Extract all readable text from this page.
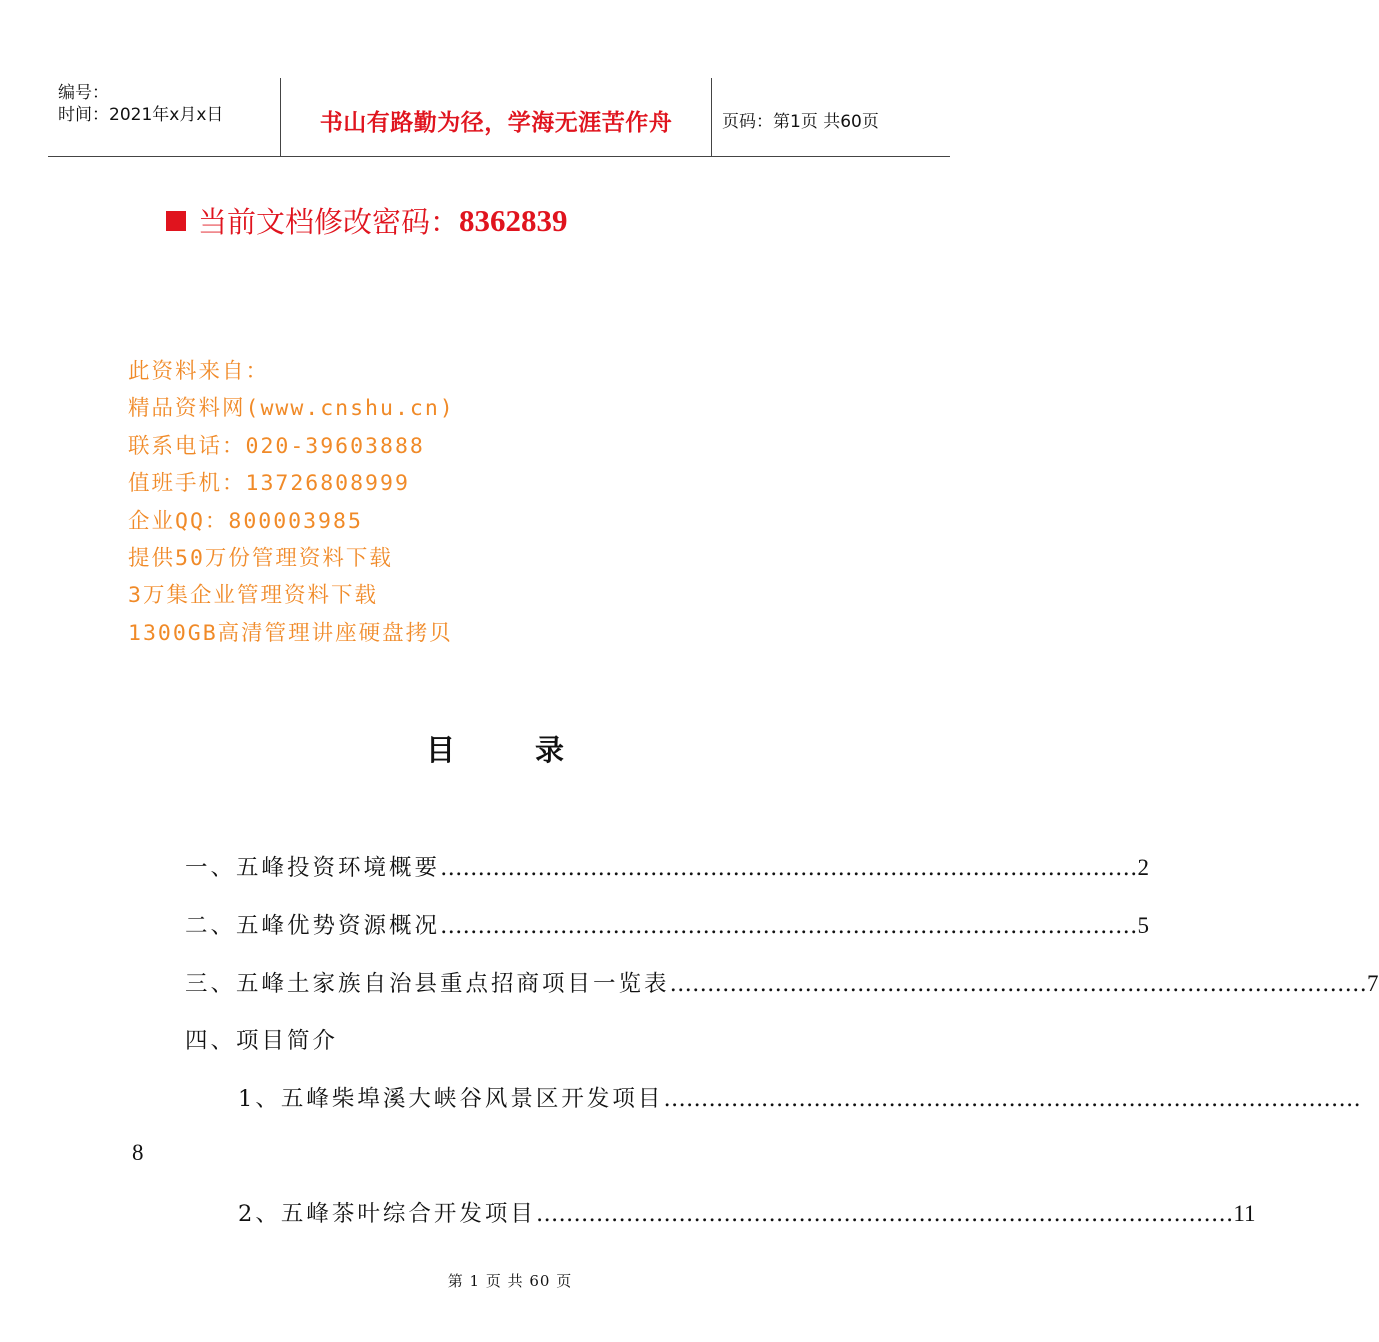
编号：
时间：2021年x月x日	书山有路勤为径，学海无涯苦作舟	页码：第1页 共60页
当前文档修改密码： 8362839
此资料来自：
精品资料网(www.cnshu.cn)
联系电话：020-39603888
值班手机：13726808999
企业QQ：800003985
提供50万份管理资料下载
3万集企业管理资料下载
1300GB高清管理讲座硬盘拷贝
目录
一、五峰投资环境概要 ………………………………………………………………………………… 2
二、五峰优势资源概况 ………………………………………………………………………………… 5
三、五峰土家族自治县重点招商项目一览表 ………………………………………………………………………………… 7
四、项目简介
1、五峰柴埠溪大峡谷风景区开发项目 …………………………………………………………………………………
8
2、五峰茶叶综合开发项目 ………………………………………………………………………………… 11
第 1 页 共 60 页
